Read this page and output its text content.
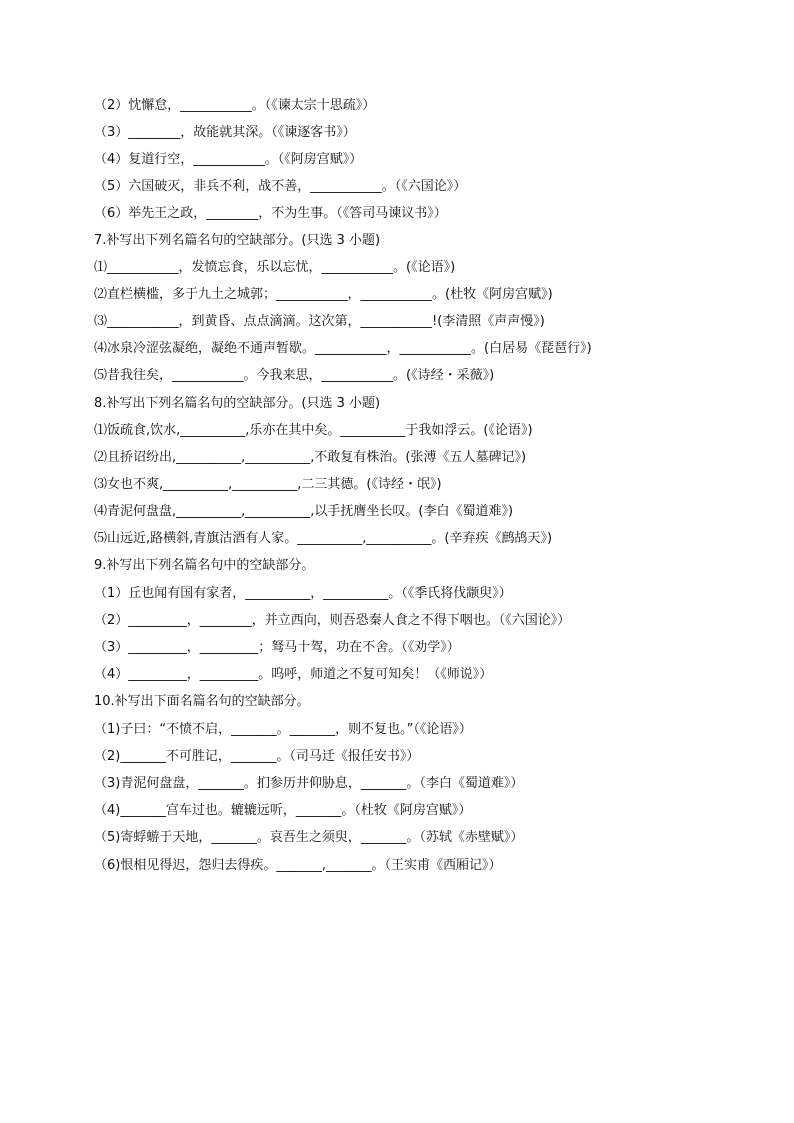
（2）忱懈怠，___________。（《谏太宗十思疏》）
（3）________，故能就其深。（《谏逐客书》）
（4）复道行空，___________。（《阿房宫赋》）
（5）六国破灭，非兵不利，战不善，___________。（《六国论》）
（6）举先王之政，________，不为生事。（《答司马谏议书》）
7.补写出下列名篇名句的空缺部分。(只选 3 小题)
⑴___________，发愤忘食，乐以忘忧，___________。(《论语》)
⑵直栏横槛，多于九土之城郭；___________，___________。(杜牧《阿房宫赋》)
⑶___________，到黄昏、点点滴滴。这次第，___________!(李清照《声声慢》)
⑷冰泉冷涩弦凝绝，凝绝不通声暂歇。___________，___________。(白居易《琵琶行》)
⑸昔我往矣，___________。今我来思，___________。(《诗经・采薇》)
8.补写出下列名篇名句的空缺部分。(只选 3 小题)
⑴饭疏食,饮水,__________,乐亦在其中矣。__________于我如浮云。(《论语》)
⑵且挢诏纷出,__________,__________,不敢复有株治。(张溥《五人墓碑记》)
⑶女也不爽,__________,__________,二三其德。(《诗经・氓》)
⑷青泥何盘盘,__________,__________,以手抚膺坐长叹。(李白《蜀道难》)
⑸山远近,路横斜,青旗沽酒有人家。__________,__________。(辛弃疾《鹧鸪天》)
9.补写出下列名篇名句中的空缺部分。
（1）丘也闻有国有家者，__________，__________。（《季氏将伐颛臾》）
（2）_________，________，并立西向，则吾恐秦人食之不得下咽也。（《六国论》）
（3）_________，_________；驽马十驾，功在不舍。（《劝学》）
（4）_________，_________。呜呼，师道之不复可知矣！（《师说》）
10.补写出下面名篇名句的空缺部分。
（1)子曰：“不愤不启，_______。_______，则不复也。”（《论语》）
（2)_______不可胜记，_______。（司马迁《报任安书》）
（3)青泥何盘盘，_______。扪参历井仰胁息，_______。（李白《蜀道难》）
（4)_______宫车过也。辘辘远听，_______。（杜牧《阿房宫赋》）
（5)寄蜉蝣于天地，_______。哀吾生之须臾，_______。（苏轼《赤壁赋》）
（6)恨相见得迟，怨归去得疾。_______,_______。（王实甫《西厢记》）
